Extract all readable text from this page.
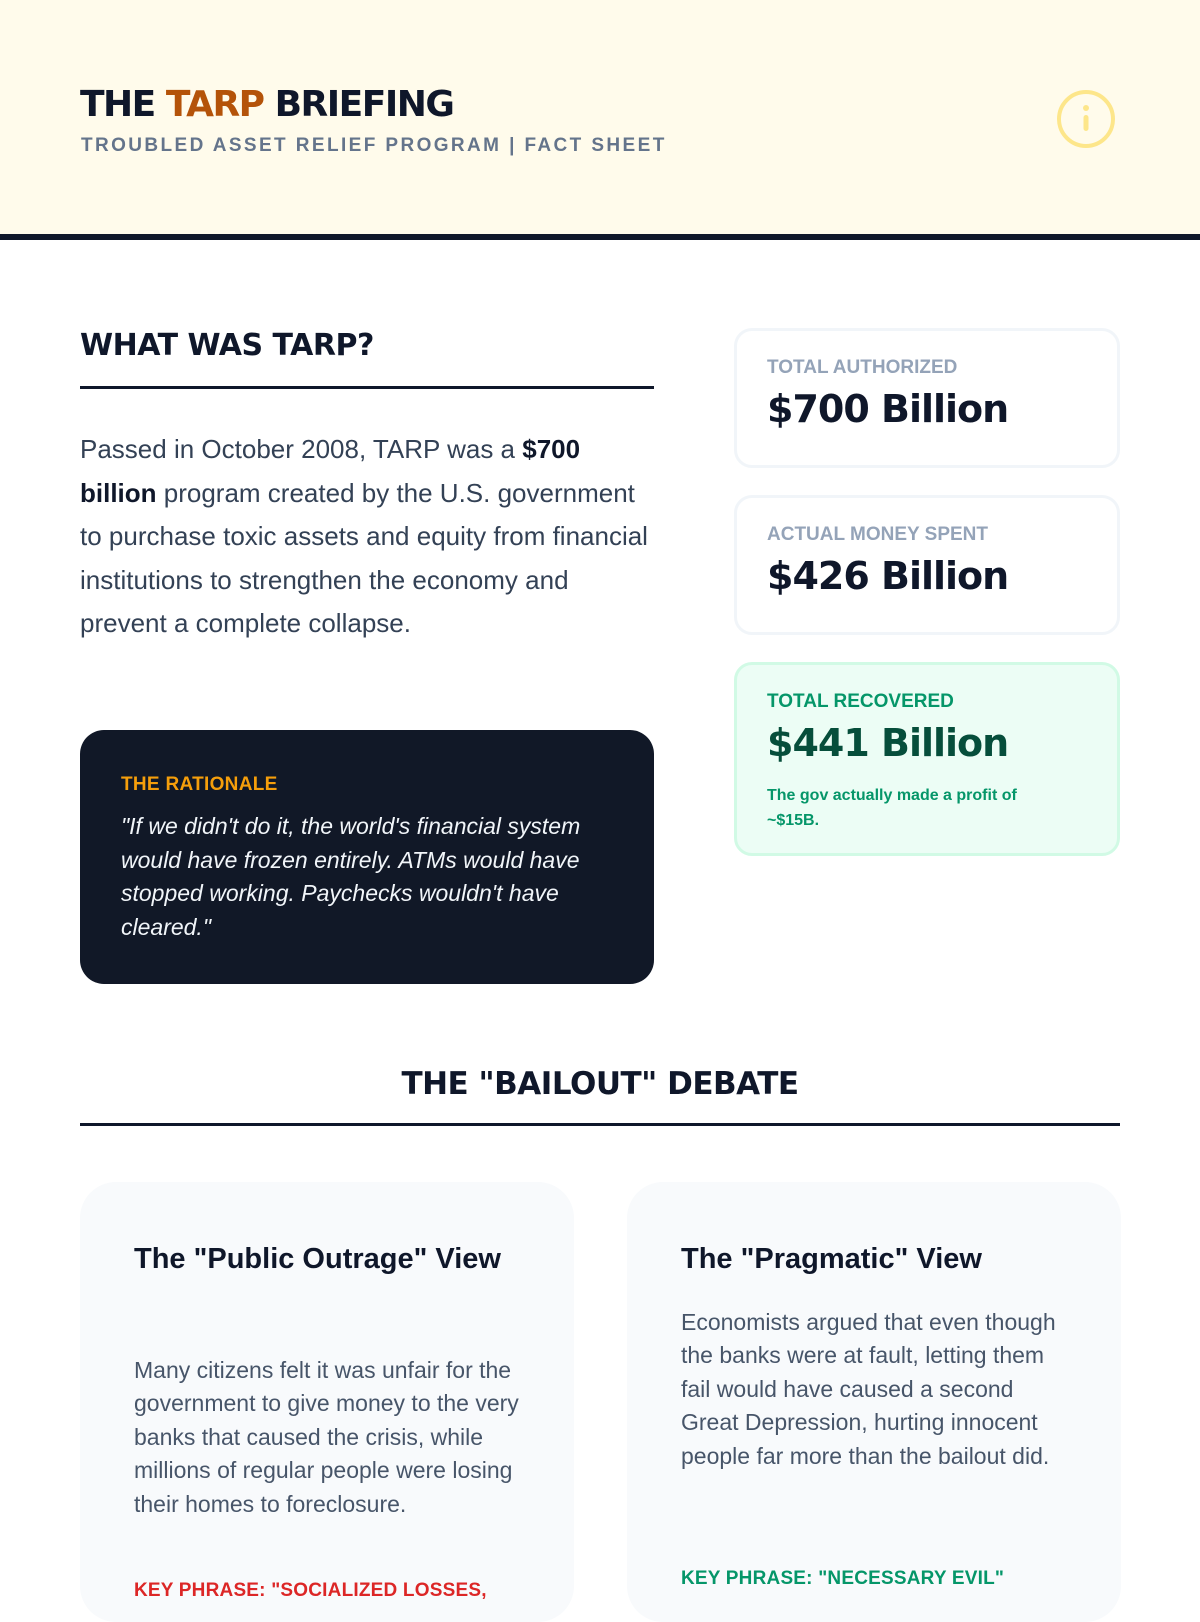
THE TARP BRIEFING
TROUBLED ASSET RELIEF PROGRAM | FACT SHEET
WHAT WAS TARP?

Passed in October 2008, TARP was a $700 billion program created by the U.S. government to purchase toxic assets and equity from financial institutions to strengthen the economy and prevent a complete collapse.

THE RATIONALE

"If we didn't do it, the world's financial system would have frozen entirely. ATMs would have stopped working. Paychecks wouldn't have cleared."

TOTAL AUTHORIZED
$700 Billion
ACTUAL MONEY SPENT
$426 Billion
TOTAL RECOVERED
$441 Billion
The gov actually made a profit of ~$15B.
THE "BAILOUT" DEBATE
The "Public Outrage" View

Many citizens felt it was unfair for the government to give money to the very banks that caused the crisis, while millions of regular people were losing their homes to foreclosure.

KEY PHRASE: "SOCIALIZED LOSSES,
The "Pragmatic" View

Economists argued that even though the banks were at fault, letting them fail would have caused a second Great Depression, hurting innocent people far more than the bailout did.

KEY PHRASE: "NECESSARY EVIL"
